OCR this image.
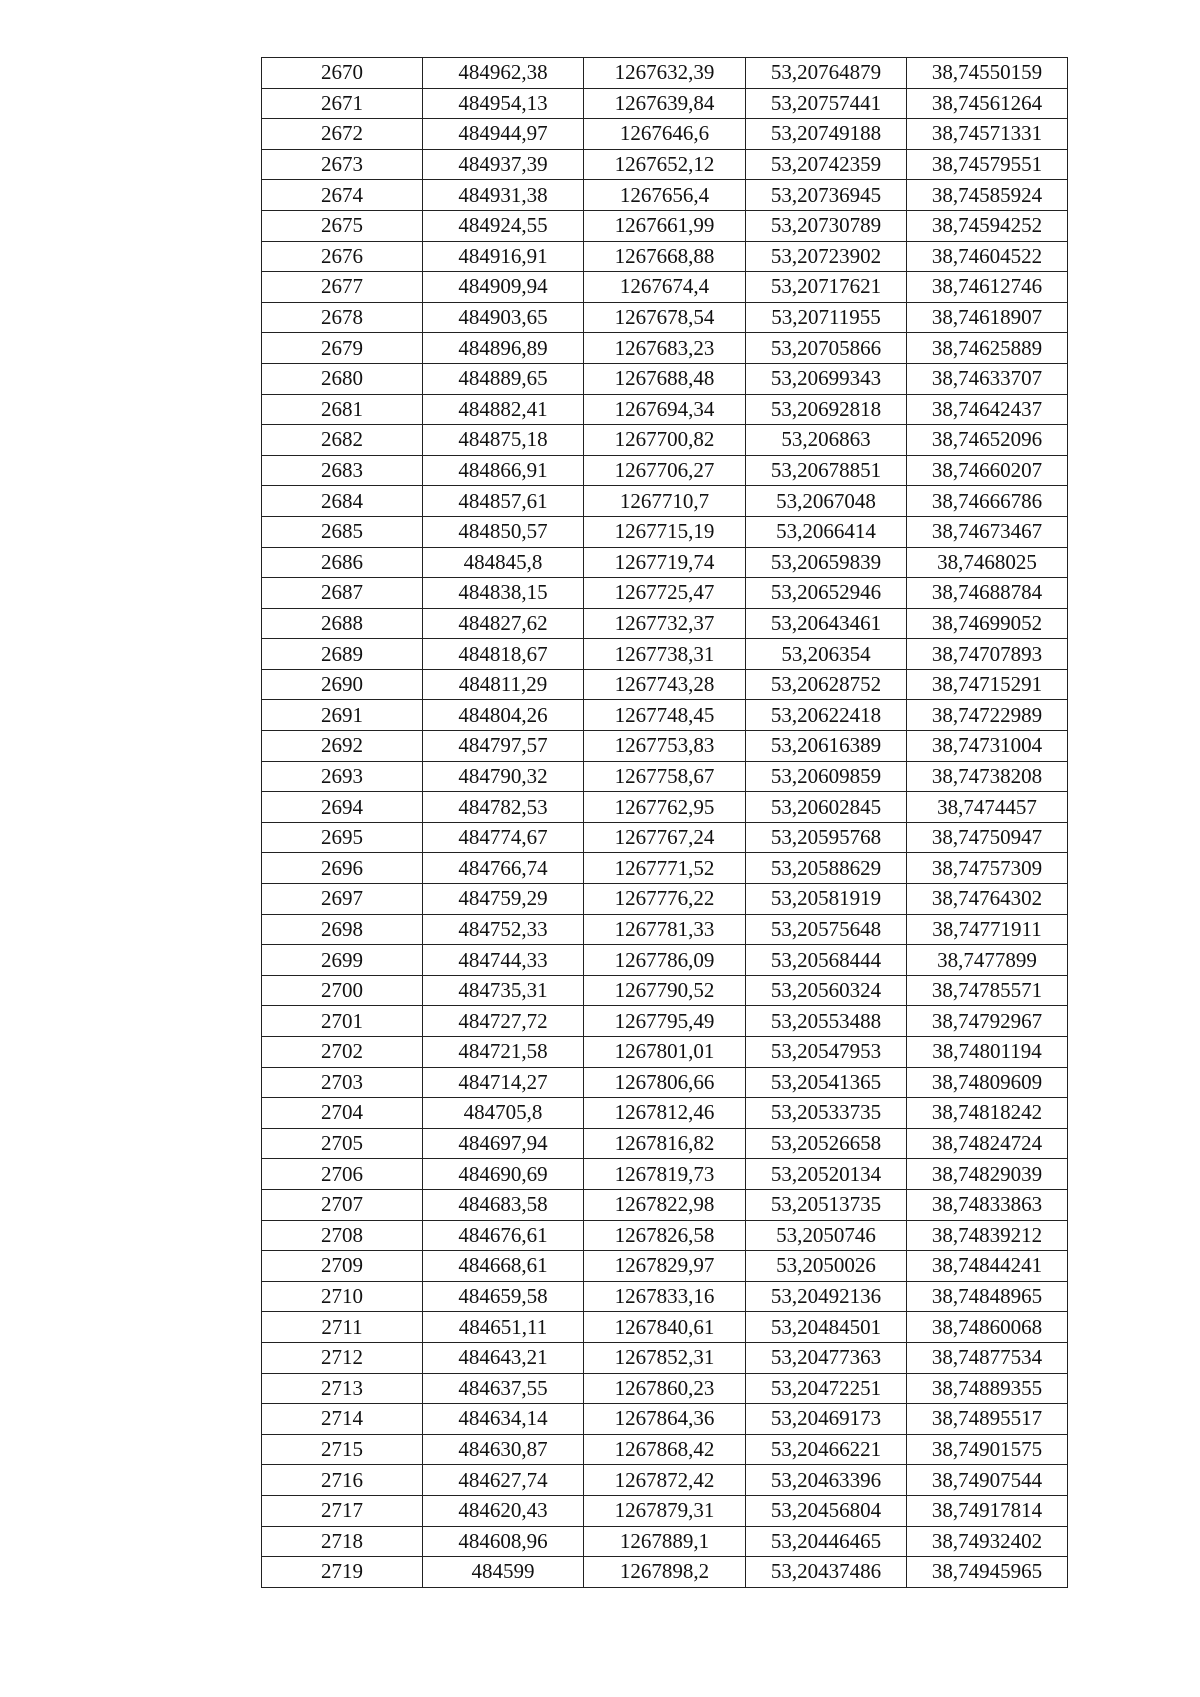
2670	484962,38	1267632,39	53,20764879	38,74550159
2671	484954,13	1267639,84	53,20757441	38,74561264
2672	484944,97	1267646,6	53,20749188	38,74571331
2673	484937,39	1267652,12	53,20742359	38,74579551
2674	484931,38	1267656,4	53,20736945	38,74585924
2675	484924,55	1267661,99	53,20730789	38,74594252
2676	484916,91	1267668,88	53,20723902	38,74604522
2677	484909,94	1267674,4	53,20717621	38,74612746
2678	484903,65	1267678,54	53,20711955	38,74618907
2679	484896,89	1267683,23	53,20705866	38,74625889
2680	484889,65	1267688,48	53,20699343	38,74633707
2681	484882,41	1267694,34	53,20692818	38,74642437
2682	484875,18	1267700,82	53,206863	38,74652096
2683	484866,91	1267706,27	53,20678851	38,74660207
2684	484857,61	1267710,7	53,2067048	38,74666786
2685	484850,57	1267715,19	53,2066414	38,74673467
2686	484845,8	1267719,74	53,20659839	38,7468025
2687	484838,15	1267725,47	53,20652946	38,74688784
2688	484827,62	1267732,37	53,20643461	38,74699052
2689	484818,67	1267738,31	53,206354	38,74707893
2690	484811,29	1267743,28	53,20628752	38,74715291
2691	484804,26	1267748,45	53,20622418	38,74722989
2692	484797,57	1267753,83	53,20616389	38,74731004
2693	484790,32	1267758,67	53,20609859	38,74738208
2694	484782,53	1267762,95	53,20602845	38,7474457
2695	484774,67	1267767,24	53,20595768	38,74750947
2696	484766,74	1267771,52	53,20588629	38,74757309
2697	484759,29	1267776,22	53,20581919	38,74764302
2698	484752,33	1267781,33	53,20575648	38,74771911
2699	484744,33	1267786,09	53,20568444	38,7477899
2700	484735,31	1267790,52	53,20560324	38,74785571
2701	484727,72	1267795,49	53,20553488	38,74792967
2702	484721,58	1267801,01	53,20547953	38,74801194
2703	484714,27	1267806,66	53,20541365	38,74809609
2704	484705,8	1267812,46	53,20533735	38,74818242
2705	484697,94	1267816,82	53,20526658	38,74824724
2706	484690,69	1267819,73	53,20520134	38,74829039
2707	484683,58	1267822,98	53,20513735	38,74833863
2708	484676,61	1267826,58	53,2050746	38,74839212
2709	484668,61	1267829,97	53,2050026	38,74844241
2710	484659,58	1267833,16	53,20492136	38,74848965
2711	484651,11	1267840,61	53,20484501	38,74860068
2712	484643,21	1267852,31	53,20477363	38,74877534
2713	484637,55	1267860,23	53,20472251	38,74889355
2714	484634,14	1267864,36	53,20469173	38,74895517
2715	484630,87	1267868,42	53,20466221	38,74901575
2716	484627,74	1267872,42	53,20463396	38,74907544
2717	484620,43	1267879,31	53,20456804	38,74917814
2718	484608,96	1267889,1	53,20446465	38,74932402
2719	484599	1267898,2	53,20437486	38,74945965
